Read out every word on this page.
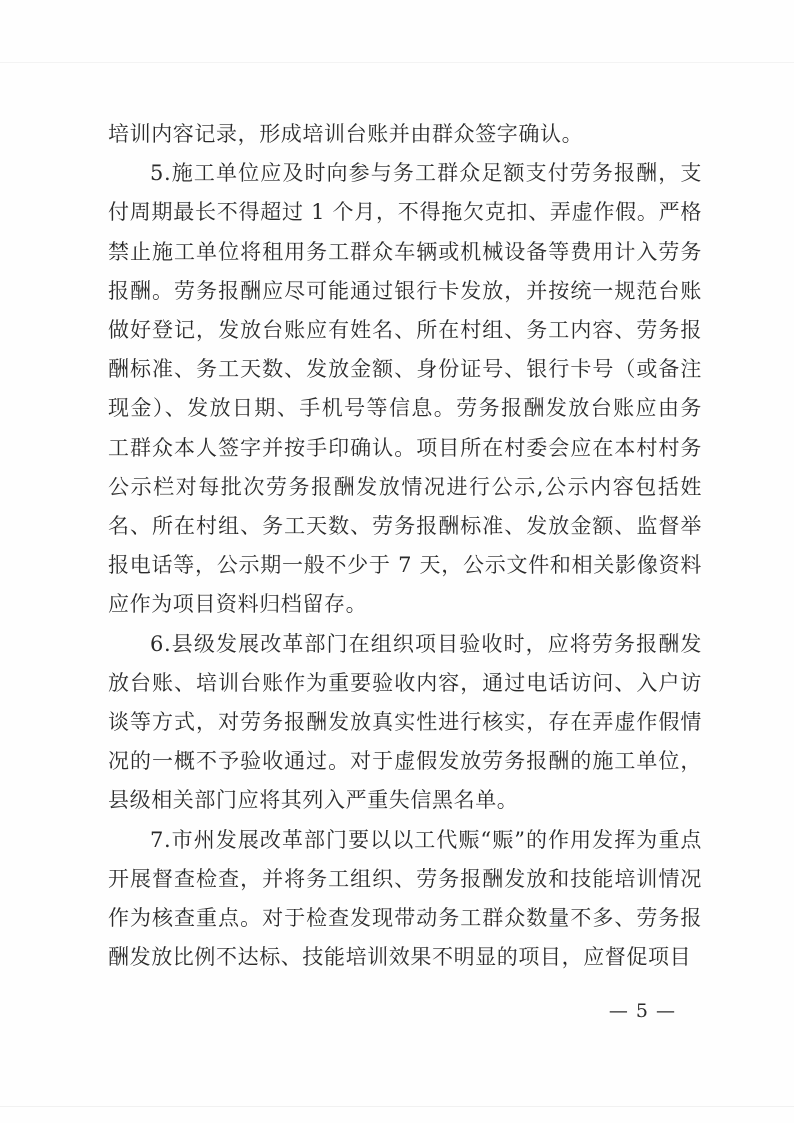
培训内容记录，形成培训台账并由群众签字确认。

5.施工单位应及时向参与务工群众足额支付劳务报酬，支付周期最长不得超过 1 个月，不得拖欠克扣、弄虚作假。严格禁止施工单位将租用务工群众车辆或机械设备等费用计入劳务报酬。劳务报酬应尽可能通过银行卡发放，并按统一规范台账做好登记，发放台账应有姓名、所在村组、务工内容、劳务报酬标准、务工天数、发放金额、身份证号、银行卡号（或备注现金）、发放日期、手机号等信息。劳务报酬发放台账应由务工群众本人签字并按手印确认。项目所在村委会应在本村村务公示栏对每批次劳务报酬发放情况进行公示,公示内容包括姓名、所在村组、务工天数、劳务报酬标准、发放金额、监督举报电话等，公示期一般不少于 7 天，公示文件和相关影像资料应作为项目资料归档留存。

6.县级发展改革部门在组织项目验收时，应将劳务报酬发放台账、培训台账作为重要验收内容，通过电话访问、入户访谈等方式，对劳务报酬发放真实性进行核实，存在弄虚作假情况的一概不予验收通过。对于虚假发放劳务报酬的施工单位，县级相关部门应将其列入严重失信黑名单。

7.市州发展改革部门要以以工代赈“赈”的作用发挥为重点开展督查检查，并将务工组织、劳务报酬发放和技能培训情况作为核查重点。对于检查发现带动务工群众数量不多、劳务报酬发放比例不达标、技能培训效果不明显的项目，应督促项目

— 5 —
